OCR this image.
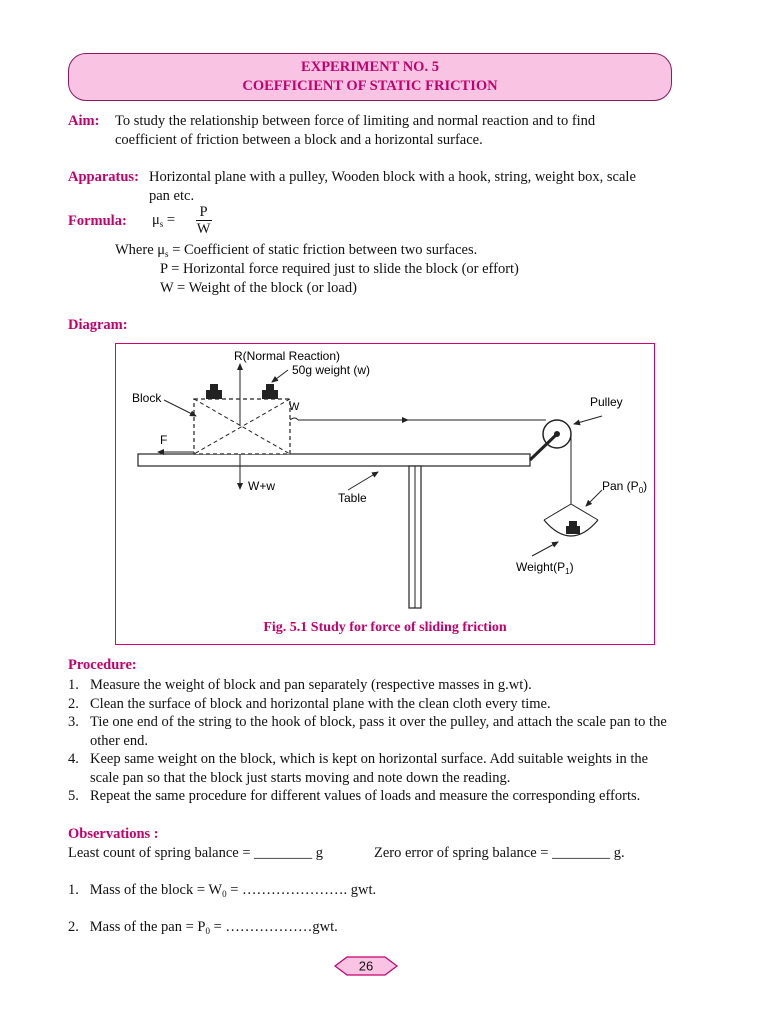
EXPERIMENT NO. 5
COEFFICIENT OF STATIC FRICTION
Aim: To study the relationship between force of limiting and normal reaction and to find
coefficient of friction between a block and a horizontal surface.
Apparatus: Horizontal plane with a pulley, Wooden block with a hook, string, weight box, scale
pan etc.
Formula: $\mu_s = \frac{P}{W}$
Where $\mu_s$ = Coefficient of static friction between two surfaces.
P = Horizontal force required just to slide the block (or effort)
W = Weight of the block (or load)
Diagram:
R(Normal Reaction)
50g weight (w)
Block
W
F
W+w
Table
Pulley
Pan $(P_0)$
$Weight(P_1)$
Fig. 5.1 Study for force of sliding friction
Procedure:
1. Measure the weight of block and pan separately (respective masses in g.wt).
2. Clean the surface of block and horizontal plane with the clean cloth every time.
3. Tie one end of the string to the hook of block, pass it over the pulley, and attach the scale pan to the other end.
4. Keep same weight on the block, which is kept on horizontal surface. Add suitable weights in the scale pan so that the block just starts moving and note down the reading.
5. Repeat the same procedure for different values of loads and measure the corresponding efforts.
Observations :
Least count of spring balance = ________ g	Zero error of spring balance = ________ g.
1.   Mass of the block = $W_0$ = …………………. gwt.
2.   Mass of the pan = $P_0$ = ………………gwt.
26
